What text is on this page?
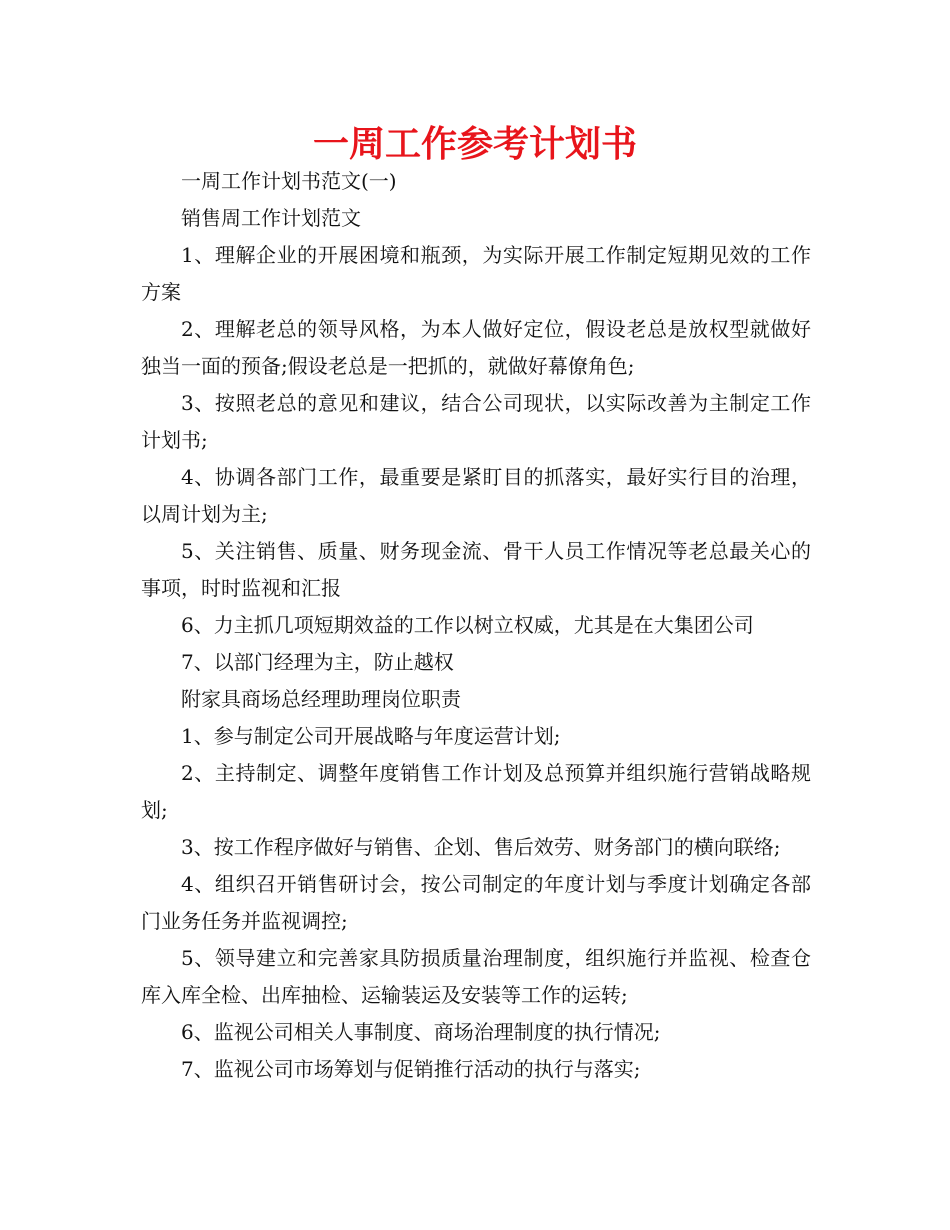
一周工作参考计划书

一周工作计划书范文(一)

销售周工作计划范文

1、理解企业的开展困境和瓶颈，为实际开展工作制定短期见效的工作方案

2、理解老总的领导风格，为本人做好定位，假设老总是放权型就做好独当一面的预备;假设老总是一把抓的，就做好幕僚角色;

3、按照老总的意见和建议，结合公司现状，以实际改善为主制定工作计划书;

4、协调各部门工作，最重要是紧盯目的抓落实，最好实行目的治理，以周计划为主;

5、关注销售、质量、财务现金流、骨干人员工作情况等老总最关心的事项，时时监视和汇报

6、力主抓几项短期效益的工作以树立权威，尤其是在大集团公司

7、以部门经理为主，防止越权

附家具商场总经理助理岗位职责

1、参与制定公司开展战略与年度运营计划;

2、主持制定、调整年度销售工作计划及总预算并组织施行营销战略规划;

3、按工作程序做好与销售、企划、售后效劳、财务部门的横向联络;

4、组织召开销售研讨会，按公司制定的年度计划与季度计划确定各部门业务任务并监视调控;

5、领导建立和完善家具防损质量治理制度，组织施行并监视、检查仓库入库全检、出库抽检、运输装运及安装等工作的运转;

6、监视公司相关人事制度、商场治理制度的执行情况;

7、监视公司市场筹划与促销推行活动的执行与落实;
